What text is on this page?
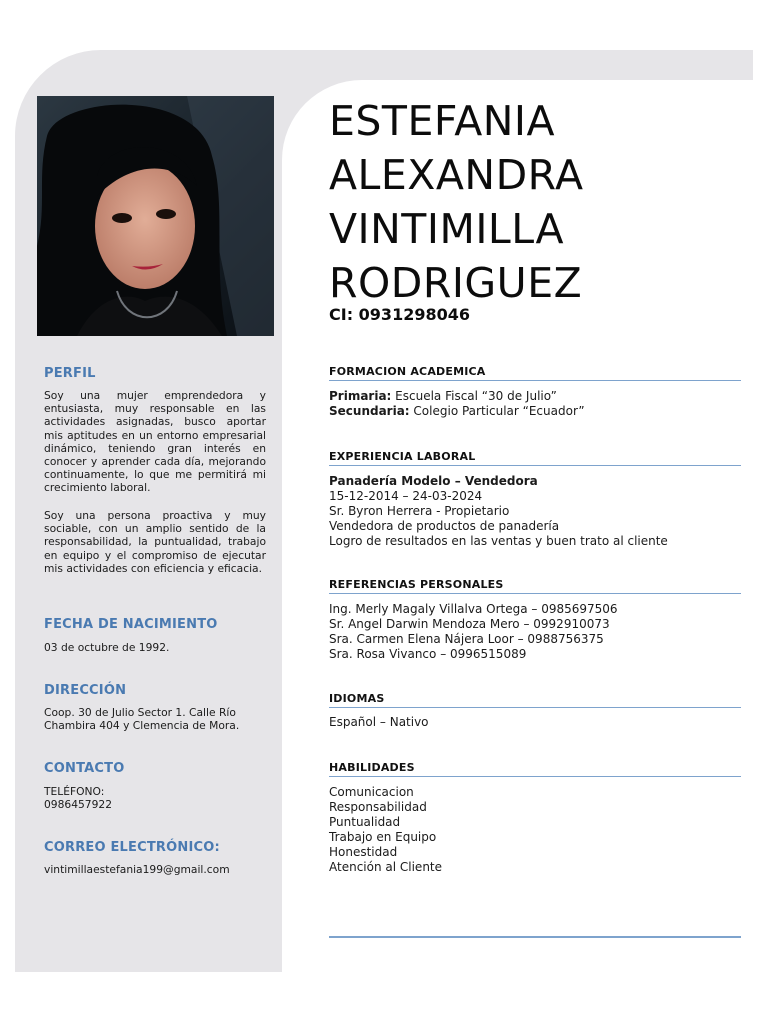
PERFIL
Soy una mujer emprendedora y entusiasta, muy responsable en las actividades asignadas, busco aportar mis aptitudes en un entorno empresarial dinámico, teniendo gran interés en conocer y aprender cada día, mejorando continuamente, lo que me permitirá mi crecimiento laboral.
Soy una persona proactiva y muy sociable, con un amplio sentido de la responsabilidad, la puntualidad, trabajo en equipo y el compromiso de ejecutar mis actividades con eficiencia y eficacia.
FECHA DE NACIMIENTO
03 de octubre de 1992.
DIRECCIÓN
Coop. 30 de Julio Sector 1. Calle Río Chambira 404 y Clemencia de Mora.
CONTACTO
TELÉFONO:
0986457922
CORREO ELECTRÓNICO:
vintimillaestefania199@gmail.com
ESTEFANIA
ALEXANDRA
VINTIMILLA
RODRIGUEZ
CI: 0931298046
FORMACION ACADEMICA
Primaria: Escuela Fiscal “30 de Julio”
Secundaria: Colegio Particular “Ecuador”
EXPERIENCIA LABORAL
Panadería Modelo – Vendedora
15-12-2014 – 24-03-2024
Sr. Byron Herrera - Propietario
Vendedora de productos de panadería
Logro de resultados en las ventas y buen trato al cliente
REFERENCIAS PERSONALES
Ing. Merly Magaly Villalva Ortega – 0985697506
Sr. Angel Darwin Mendoza Mero – 0992910073
Sra. Carmen Elena Nájera Loor – 0988756375
Sra. Rosa Vivanco – 0996515089
IDIOMAS
Español – Nativo
HABILIDADES
Comunicacion
Responsabilidad
Puntualidad
Trabajo en Equipo
Honestidad
Atención al Cliente
